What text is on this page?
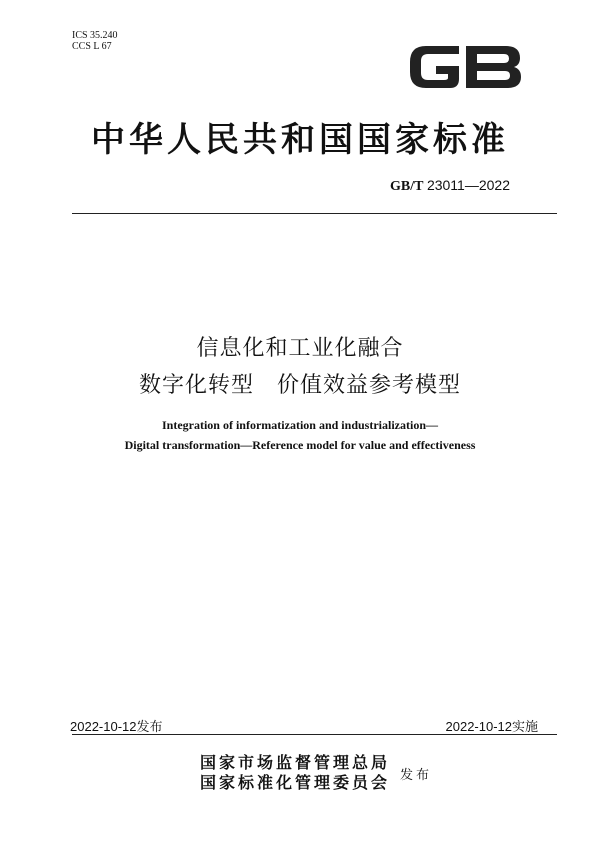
ICS 35.240
CCS L 67
中华人民共和国国家标准
GB/T 23011—2022
信息化和工业化融合
数字化转型　价值效益参考模型
Integration of informatization and industrialization—
Digital transformation—Reference model for value and effectiveness
2022-10-12发布	2022-10-12实施
国家市场监督管理总局
国家标准化管理委员会 发布
